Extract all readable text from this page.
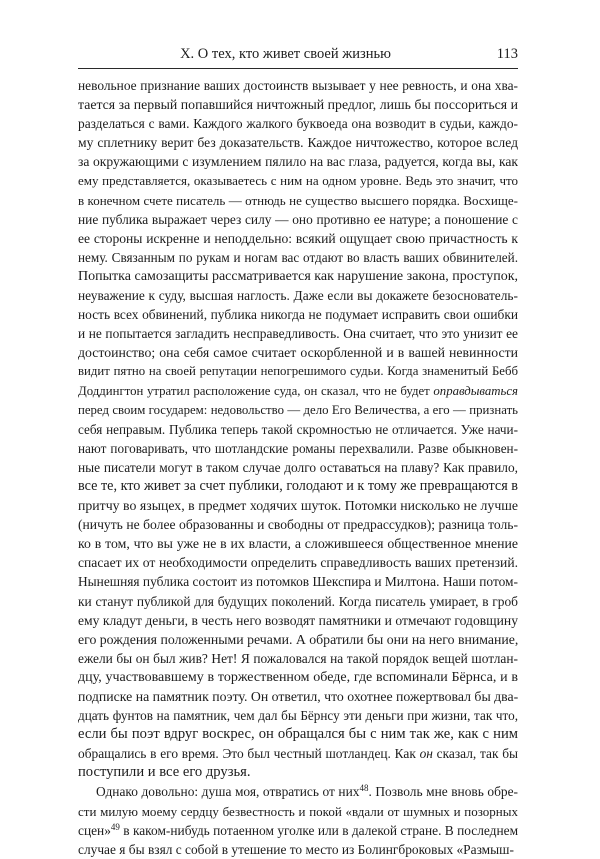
X. О тех, кто живет своей жизнью	113
невольное признание ваших достоинств вызывает у нее ревность, и она хва-
тается за первый попавшийся ничтожный предлог, лишь бы поссориться и
разделаться с вами. Каждого жалкого буквоеда она возводит в судьи, каждо-
му сплетнику верит без доказательств. Каждое ничтожество, которое вслед
за окружающими с изумлением пялило на вас глаза, радуется, когда вы, как
ему представляется, оказываетесь с ним на одном уровне. Ведь это значит, что
в конечном счете писатель — отнюдь не существо высшего порядка. Восхище-
ние публика выражает через силу — оно противно ее натуре; а поношение с
ее стороны искренне и неподдельно: всякий ощущает свою причастность к
нему. Связанным по рукам и ногам вас отдают во власть ваших обвинителей.
Попытка самозащиты рассматривается как нарушение закона, проступок,
неуважение к суду, высшая наглость. Даже если вы докажете безоснователь-
ность всех обвинений, публика никогда не подумает исправить свои ошибки
и не попытается загладить несправедливость. Она считает, что это унизит ее
достоинство; она себя самое считает оскорбленной и в вашей невинности
видит пятно на своей репутации непогрешимого судьи. Когда знаменитый Бебб
Доддингтон утратил расположение суда, он сказал, что не будет оправдываться
перед своим государем: недовольство — дело Его Величества, а его — признать
себя неправым. Публика теперь такой скромностью не отличается. Уже начи-
нают поговаривать, что шотландские романы перехвалили. Разве обыкновен-
ные писатели могут в таком случае долго оставаться на плаву? Как правило,
все те, кто живет за счет публики, голодают и к тому же превращаются в
притчу во языцех, в предмет ходячих шуток. Потомки нисколько не лучше
(ничуть не более образованны и свободны от предрассудков); разница толь-
ко в том, что вы уже не в их власти, а сложившееся общественное мнение
спасает их от необходимости определить справедливость ваших претензий.
Нынешняя публика состоит из потомков Шекспира и Милтона. Наши потом-
ки станут публикой для будущих поколений. Когда писатель умирает, в гроб
ему кладут деньги, в честь него возводят памятники и отмечают годовщину
его рождения положенными речами. А обратили бы они на него внимание,
ежели бы он был жив? Нет! Я пожаловался на такой порядок вещей шотлан-
дцу, участвовавшему в торжественном обеде, где вспоминали Бёрнса, и в
подписке на памятник поэту. Он ответил, что охотнее пожертвовал бы два-
дцать фунтов на памятник, чем дал бы Бёрнсу эти деньги при жизни, так что,
если бы поэт вдруг воскрес, он обращался бы с ним так же, как с ним
обращались в его время. Это был честный шотландец. Как он сказал, так бы
поступили и все его друзья.
Однако довольно: душа моя, отвратись от них$^{48}$. Позволь мне вновь обре-
сти милую моему сердцу безвестность и покой «вдали от шумных и позорных
сцен»$^{49}$ в каком-нибудь потаенном уголке или в далекой стране. В последнем
случае я бы взял с собой в утешение то место из Болингброковых «Размыш-
